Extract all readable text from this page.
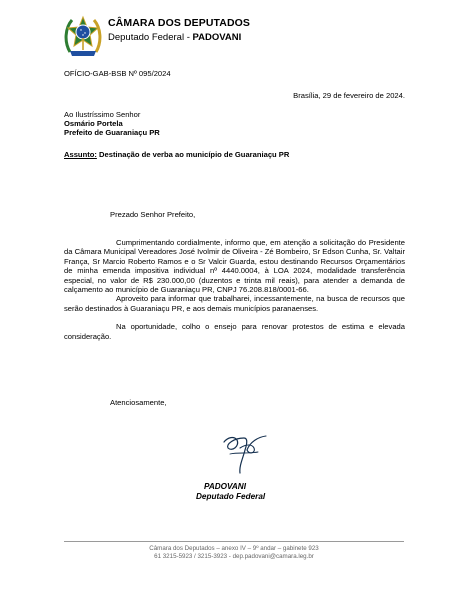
CÂMARA DOS DEPUTADOS
Deputado Federal - PADOVANI
OFÍCIO-GAB-BSB Nº 095/2024
Brasília, 29 de fevereiro de 2024.
Ao Ilustríssimo Senhor
Osmário Portela
Prefeito de Guaraniaçu PR
Assunto: Destinação de verba ao município de Guaraniaçu PR
Prezado Senhor Prefeito,

Cumprimentando cordialmente, informo que, em atenção a solicitação do Presidente da Câmara Municipal Vereadores José Ivolmir de Oliveira - Zé Bombeiro, Sr Edson Cunha, Sr. Valtair França, Sr Marcio Roberto Ramos e o Sr Valcir Guarda, estou destinando Recursos Orçamentários de minha emenda impositiva individual nº 4440.0004, à LOA 2024, modalidade transferência especial, no valor de R$ 230.000,00 (duzentos e trinta mil reais), para atender a demanda de calçamento ao município de Guaraniaçu PR, CNPJ 76.208.818/0001-66.

Aproveito para informar que trabalharei, incessantemente, na busca de recursos que serão destinados à Guaraniaçu PR, e aos demais municípios paranaenses.

Na oportunidade, colho o ensejo para renovar protestos de estima e elevada consideração.

Atenciosamente,
PADOVANI
Deputado Federal
Câmara dos Deputados – anexo IV – 9º andar – gabinete 923
61 3215-5923 / 3215-3923 - dep.padovani@camara.leg.br
